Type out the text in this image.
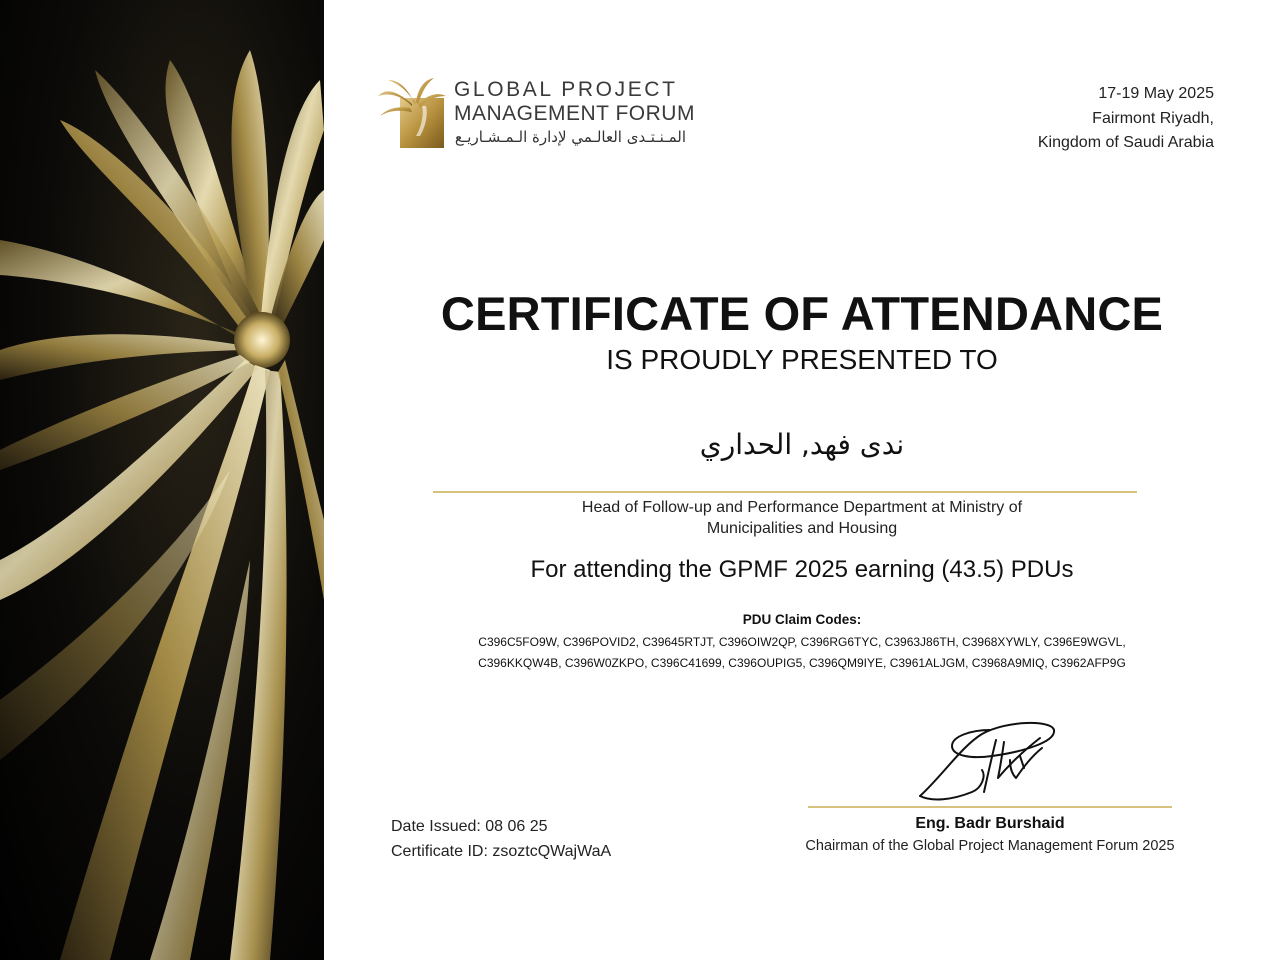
GLOBAL PROJECT
MANAGEMENT FORUM
المـنـتـدى العالـمي لإدارة الـمـشـاريـع
17-19 May 2025
Fairmont Riyadh,
Kingdom of Saudi Arabia
CERTIFICATE OF ATTENDANCE
IS PROUDLY PRESENTED TO
ندى فهد, الحداري
Head of Follow-up and Performance Department at Ministry of
Municipalities and Housing
For attending the GPMF 2025 earning (43.5) PDUs
PDU Claim Codes:
C396C5FO9W, C396POVID2, C39645RTJT, C396OIW2QP, C396RG6TYC, C3963J86TH, C3968XYWLY, C396E9WGVL,
C396KKQW4B, C396W0ZKPO, C396C41699, C396OUPIG5, C396QM9IYE, C3961ALJGM, C3968A9MIQ, C3962AFP9G
Date Issued: 08 06 25
Certificate ID: zsoztcQWajWaA
Eng. Badr Burshaid
Chairman of the Global Project Management Forum 2025
